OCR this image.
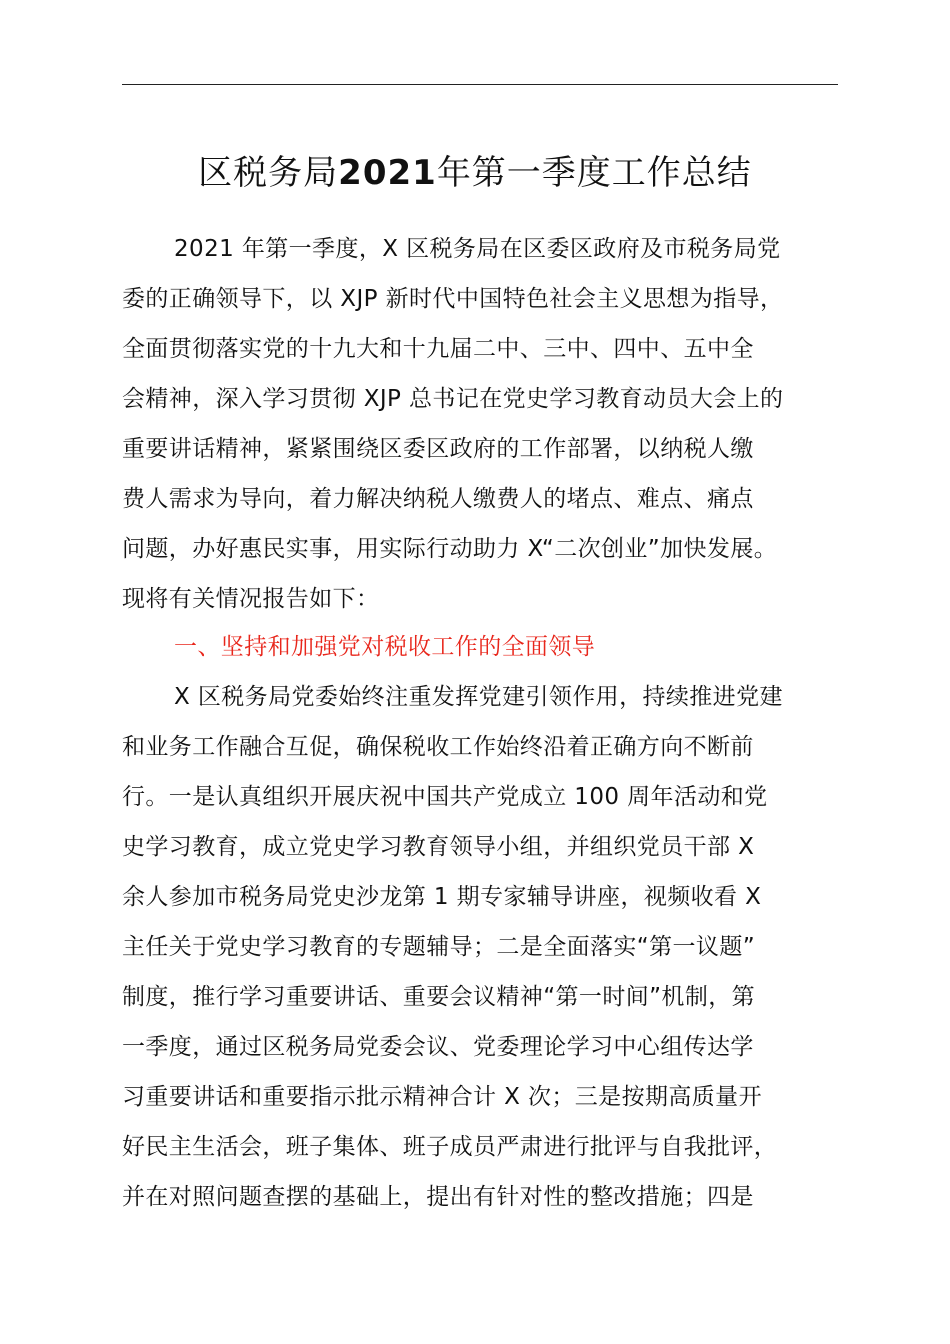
区税务局2021年第一季度工作总结
2021 年第一季度，X 区税务局在区委区政府及市税务局党
委的正确领导下，以 XJP 新时代中国特色社会主义思想为指导，
全面贯彻落实党的十九大和十九届二中、三中、四中、五中全
会精神，深入学习贯彻 XJP 总书记在党史学习教育动员大会上的
重要讲话精神，紧紧围绕区委区政府的工作部署，以纳税人缴
费人需求为导向，着力解决纳税人缴费人的堵点、难点、痛点
问题，办好惠民实事，用实际行动助力 X“二次创业”加快发展。
现将有关情况报告如下：
一、坚持和加强党对税收工作的全面领导
X 区税务局党委始终注重发挥党建引领作用，持续推进党建
和业务工作融合互促，确保税收工作始终沿着正确方向不断前
行。一是认真组织开展庆祝中国共产党成立 100 周年活动和党
史学习教育，成立党史学习教育领导小组，并组织党员干部 X
余人参加市税务局党史沙龙第 1 期专家辅导讲座，视频收看 X
主任关于党史学习教育的专题辅导；二是全面落实“第一议题”
制度，推行学习重要讲话、重要会议精神“第一时间”机制，第
一季度，通过区税务局党委会议、党委理论学习中心组传达学
习重要讲话和重要指示批示精神合计 X 次；三是按期高质量开
好民主生活会，班子集体、班子成员严肃进行批评与自我批评，
并在对照问题查摆的基础上，提出有针对性的整改措施；四是
